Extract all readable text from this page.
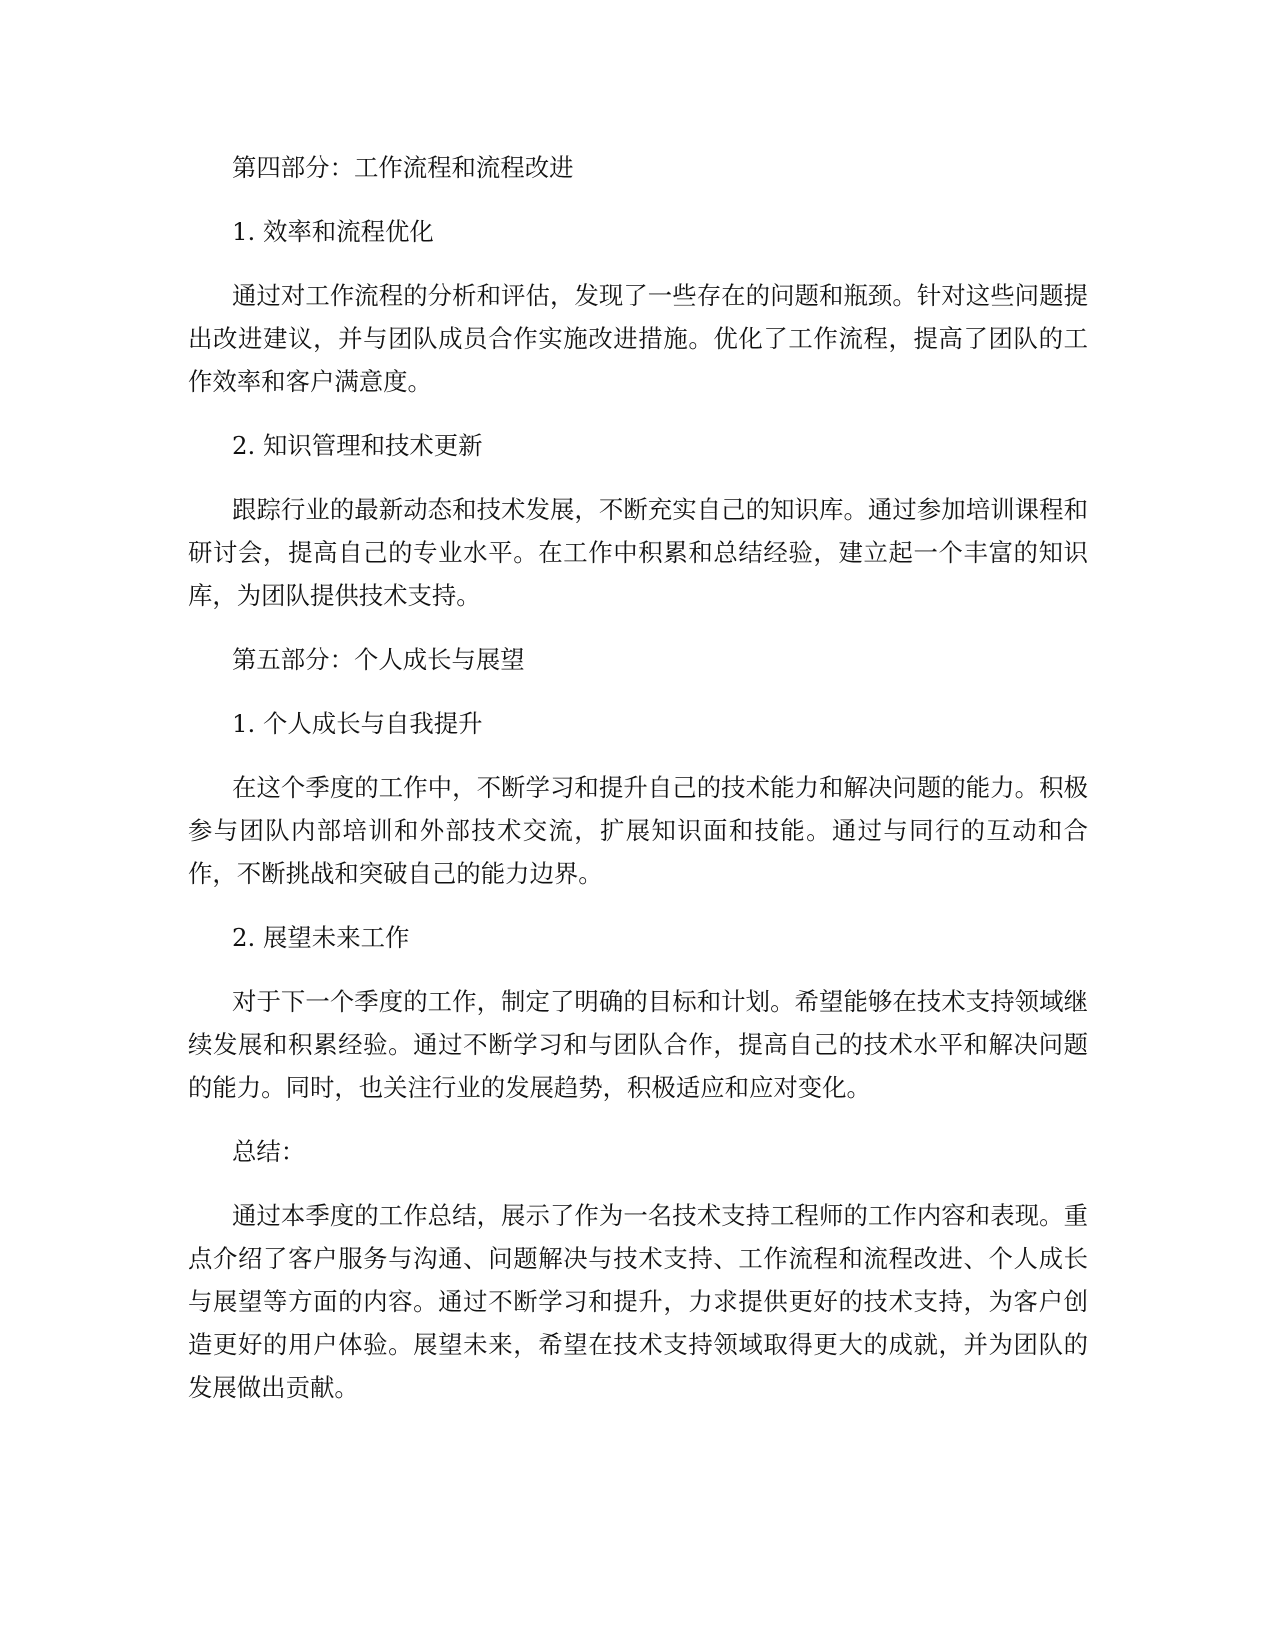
第四部分：工作流程和流程改进

1. 效率和流程优化

通过对工作流程的分析和评估，发现了一些存在的问题和瓶颈。针对这些问题提出改进建议，并与团队成员合作实施改进措施。优化了工作流程，提高了团队的工作效率和客户满意度。

2. 知识管理和技术更新

跟踪行业的最新动态和技术发展，不断充实自己的知识库。通过参加培训课程和研讨会，提高自己的专业水平。在工作中积累和总结经验，建立起一个丰富的知识库，为团队提供技术支持。

第五部分：个人成长与展望

1. 个人成长与自我提升

在这个季度的工作中，不断学习和提升自己的技术能力和解决问题的能力。积极参与团队内部培训和外部技术交流，扩展知识面和技能。通过与同行的互动和合作，不断挑战和突破自己的能力边界。

2. 展望未来工作

对于下一个季度的工作，制定了明确的目标和计划。希望能够在技术支持领域继续发展和积累经验。通过不断学习和与团队合作，提高自己的技术水平和解决问题的能力。同时，也关注行业的发展趋势，积极适应和应对变化。

总结：

通过本季度的工作总结，展示了作为一名技术支持工程师的工作内容和表现。重点介绍了客户服务与沟通、问题解决与技术支持、工作流程和流程改进、个人成长与展望等方面的内容。通过不断学习和提升，力求提供更好的技术支持，为客户创造更好的用户体验。展望未来，希望在技术支持领域取得更大的成就，并为团队的发展做出贡献。
